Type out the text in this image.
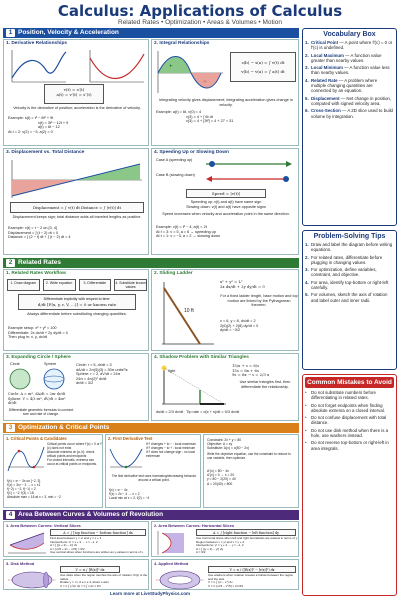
Calculus: Applications of Calculus
Related Rates • Optimization • Areas & Volumes • Motion
1 Position, Velocity & Acceleration
1. Derivative Relationships
v(t) = s′(t)
a(t) = v′(t) = s″(t)
Velocity is the derivative of position; acceleration is the derivative of velocity.
Example: s(t) = t³ − 6t² + 9t
v(t) = 3t² − 12t + 9
a(t) = 6t − 12
At t = 2: v(2) = −3, a(2) = 0
2. Integral Relationships
+
−
s(b) − s(a) = ∫ v(t) dt
v(b) − v(a) = ∫ a(t) dt
Integrating velocity gives displacement; integrating acceleration gives change in velocity.
Example: a(t) = 6t, v(0) = 4
v(3) = 4 + ∫ 6t dt
v(3) = 4 + [3t²] = 4 + 27 = 31
3. Displacement vs. Total Distance
Displacement = ∫ v(t) dt Distance = ∫ |v(t)| dt
Displacement keeps sign; total distance adds all traveled lengths as positive.
Example: v(t) = t − 2 on [0, 4]
Displacement = ∫ (t − 2) dt = 0
Distance = ∫ (2 − t) dt + ∫ (t − 2) dt = 4
4. Speeding Up or Slowing Down
Case A (speeding up)
Case B (slowing down)
Speed = |v(t)|
Speeding up: v(t) and a(t) have same sign
Slowing down: v(t) and a(t) have opposite signs
Speed increases when velocity and acceleration point in the same direction.
Example: v(t) = t² − 4, a(t) = 2t
At t = 3: v = 5, a = 6 → speeding up
At t = 1: v = −3, a = 2 → slowing down
2 Related Rates
1. Related Rates Workflow
1. Draw diagram	2. Write equation	3. Differentiate	4. Substitute known values
Differentiate implicitly with respect to time:
d/dt [F(x, y, r, V, …)] = 0 or known rate
Always differentiate before substituting changing quantities.
Example setup: x² + y² = 100
Differentiate: 2x dx/dt + 2y dy/dt = 0
Then plug in: x, y, dx/dt
2. Sliding Ladder
10 ft
x² + y² = L²
2x dx/dt + 2y dy/dt = 0
For a fixed ladder length, base motion and top motion are linked by the Pythagorean theorem.
x = 6, y = 8, dx/dt = 2
2(6)(2) + 2(8) dy/dt = 0
dy/dt = −3/2
3. Expanding Circle / Sphere
Circle	Sphere
Circle: A = πr², dA/dt = 2πr dr/dt
Sphere: V = 4/3 πr³, dV/dt = 4πr² dr/dt
Differentiate geometric formulas to connect size and rate of change.
Circle: r = 5, dr/dt = 3
dA/dt = 2π(5)(3) = 30π units²/s
Sphere: r = 2, dV/dt = 24π
24π = 4π(2)² dr/dt
dr/dt = 3/2
4. Shadow Problem with Similar Triangles
light
15/x + s = 6/s
15s = 6x + 6s
9s = 6x → s = 2/3 x
Use similar triangles first, then differentiate the relationship.
ds/dt = 2/3 dx/dt Tip rate = d(x + s)/dt = 5/3 dx/dt
3 Optimization & Critical Points
1. Critical Points & Candidates
Critical points occur where f′(c) = 0 or f′(c) does not exist
Absolute extrema on [a, b]: check critical points and endpoints
For closed intervals, extrema can occur at critical points or endpoints.
f(x) = x³ − 3x on [−2, 3]
f′(x) = 3x² − 3 → x = ±1
f(−2) = −2, f(−1) = 2
f(1) = −2, f(3) = 18
Absolute max = 18 at x = 3, min = −2
2. First Derivative Test
If f′ changes + to − : local maximum
If f′ changes − to + : local minimum
If f′ does not change sign : no local extremum
The first derivative test uses increasing/decreasing behavior around a critical point.
f(x) = x² − 4x
f′(x) = 2x − 4 → x = 2
Local min at x = 2, f(2) = −4
Constraint: 2x + y = 80
Objective: A = xy
Substitute: A(x) = x(80 − 2x)
Write the objective equation, use the constraint to reduce to one variable, then optimize.
A′(x) = 80 − 4x
A′(x) = 0 → x = 20
y = 80 − 2(20) = 40
A = 20(40) = 800
4 Area Between Curves & Volumes of Revolution
1. Area Between Curves: Vertical Slices
A = ∫ [top function − bottom function] dx
Find area between y = x² and y = x + 2
Intersections: x² = x + 2 → x = −1, 2
A = ∫ [(x + 2) − x²] dx
A = [x²/2 + 2x − x³/3] = 9/2
Use vertical slices when functions are written as y-values in terms of x.
2. Area Between Curves: Horizontal Slices
A = ∫ [right function − left function] dy
Use horizontal slices when left and right boundaries are easiest in terms of y.
Region between x = y² and x = y + 2
Intersections: y² = y + 2 → y = −1, 2
A = ∫ [(y + 2) − y²] dy
A = 9/2
3. Disk Method
V = π ∫ [R(x)]² dx
Use disks when the region touches the axis of rotation; R(x) is the radius.
Rotate y = √x, 0 ≤ x ≤ 4, about x-axis
V = π ∫ (√x)² dx = π ∫ x dx = 8π
4. Applied Method
V = π ∫ ([R(x)]² − [r(x)]²) dx
Use washers when rotation creates a hollow between the region and the axis.
V = π ∫ (x² − x⁴) dx
V = π [x³/3 − x⁵/5] = 2π/15
Learn more at LiveStudyPhysics.com
Vocabulary Box
1. Critical Point — A point where f′(c) = 0 or f′(c) is undefined.
2. Local Maximum — A function value greater than nearby values.
3. Local Minimum — A function value less than nearby values.
4. Related Rate — A problem where multiple changing quantities are connected by an equation.
5. Displacement — Net change in position, computed with signed velocity area.
6. Cross-Section — A 2D slice used to build volume by integration.
Problem-Solving Tips
1. Draw and label the diagram before writing equations.
2. For related rates, differentiate before plugging in changing values.
3. For optimization, define variables, constraint, and objective.
4. For area, identify top-bottom or right-left carefully.
5. For volumes, sketch the axis of rotation and label outer and inner radii.
Common Mistakes to Avoid
• Do not substitute numbers before differentiating in related rates.
• Do not forget endpoints when finding absolute extrema on a closed interval.
• Do not confuse displacement with total distance.
• Do not use disk method when there is a hole, use washers instead.
• Do not reverse top-bottom or right-left in area integrals.
